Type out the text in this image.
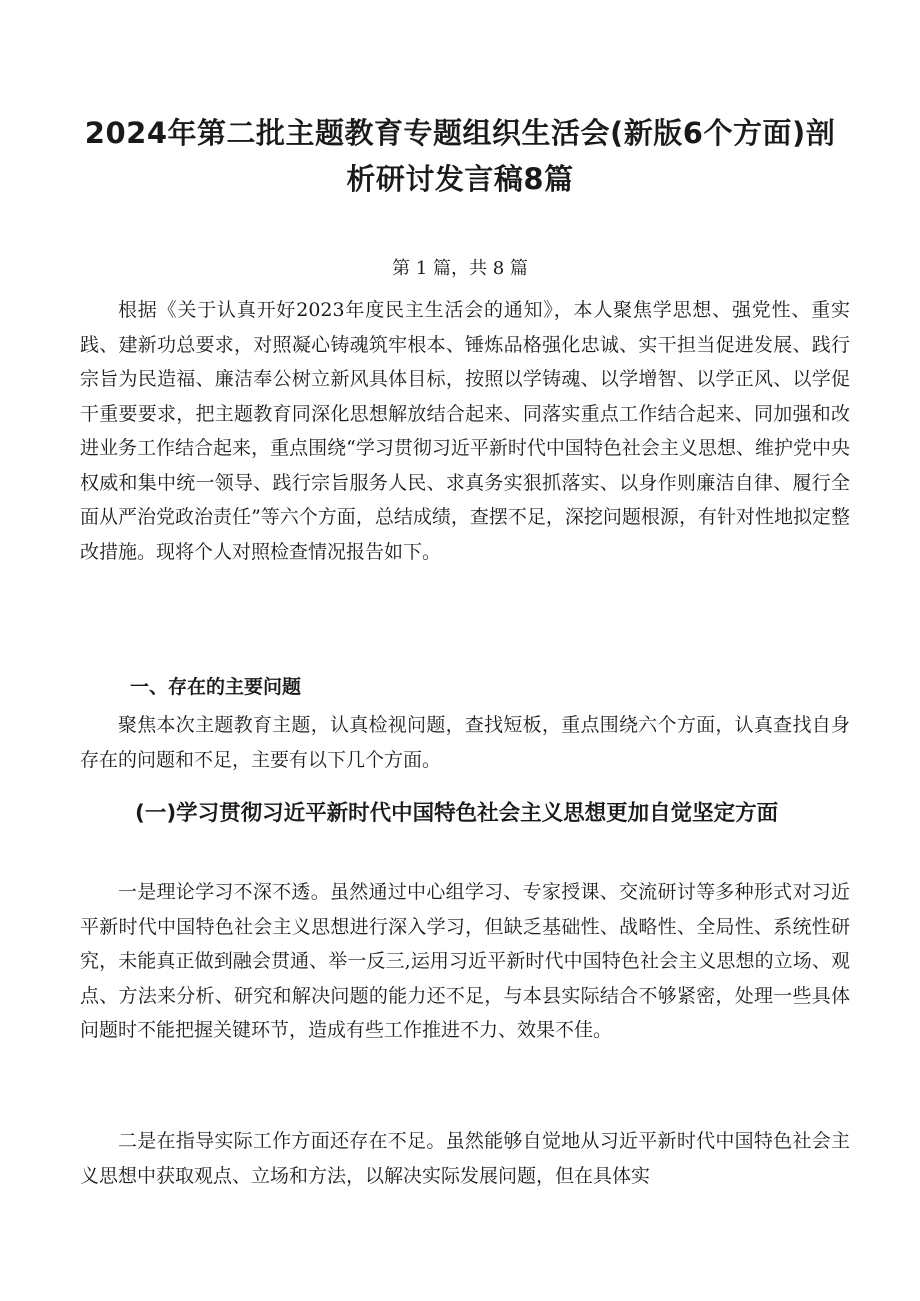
2024年第二批主题教育专题组织生活会(新版6个方面)剖析研讨发言稿8篇
第 1 篇，共 8 篇

根据《关于认真开好2023年度民主生活会的通知》，本人聚焦学思想、强党性、重实践、建新功总要求，对照凝心铸魂筑牢根本、锤炼品格强化忠诚、实干担当促进发展、践行宗旨为民造福、廉洁奉公树立新风具体目标，按照以学铸魂、以学增智、以学正风、以学促干重要要求，把主题教育同深化思想解放结合起来、同落实重点工作结合起来、同加强和改进业务工作结合起来，重点围绕“学习贯彻习近平新时代中国特色社会主义思想、维护党中央权威和集中统一领导、践行宗旨服务人民、求真务实狠抓落实、以身作则廉洁自律、履行全面从严治党政治责任”等六个方面，总结成绩，查摆不足，深挖问题根源，有针对性地拟定整改措施。现将个人对照检查情况报告如下。

一、存在的主要问题

聚焦本次主题教育主题，认真检视问题，查找短板，重点围绕六个方面，认真查找自身存在的问题和不足，主要有以下几个方面。

(一)学习贯彻习近平新时代中国特色社会主义思想更加自觉坚定方面

一是理论学习不深不透。虽然通过中心组学习、专家授课、交流研讨等多种形式对习近平新时代中国特色社会主义思想进行深入学习，但缺乏基础性、战略性、全局性、系统性研究，未能真正做到融会贯通、举一反三,运用习近平新时代中国特色社会主义思想的立场、观点、方法来分析、研究和解决问题的能力还不足，与本县实际结合不够紧密，处理一些具体问题时不能把握关键环节，造成有些工作推进不力、效果不佳。

二是在指导实际工作方面还存在不足。虽然能够自觉地从习近平新时代中国特色社会主义思想中获取观点、立场和方法，以解决实际发展问题，但在具体实
